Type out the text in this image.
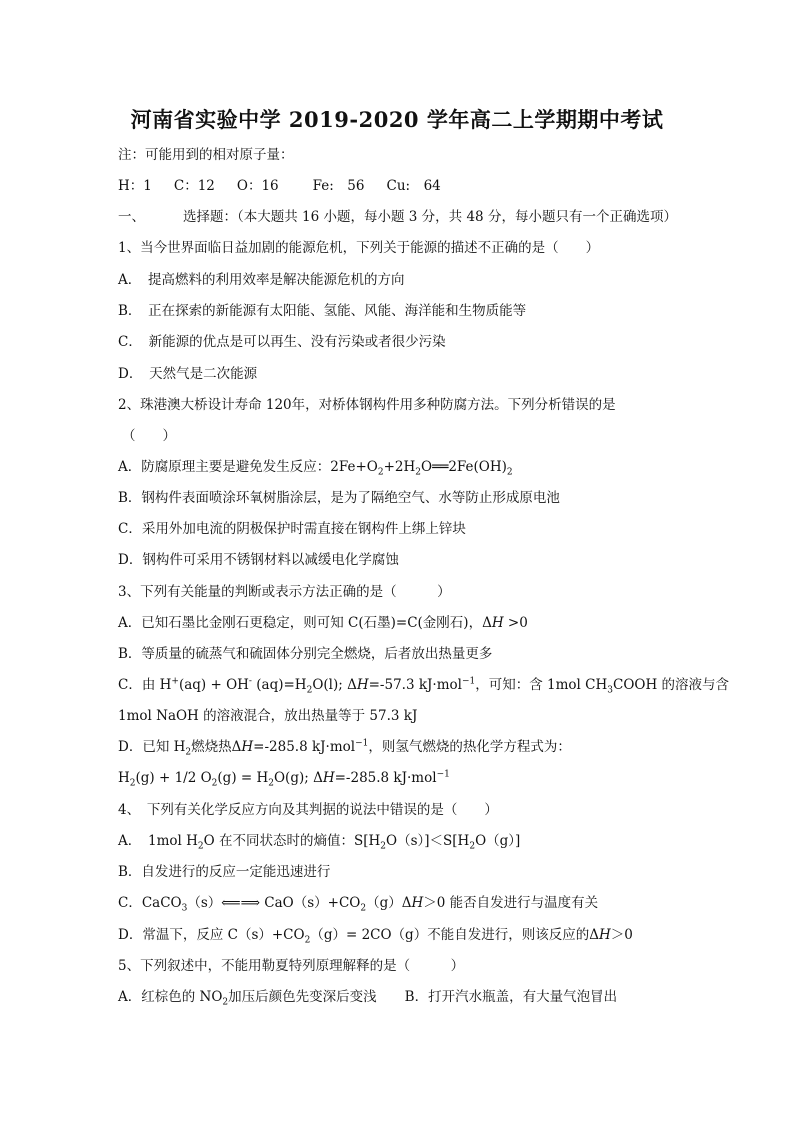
河南省实验中学 2019-2020 学年高二上学期期中考试
注：可能用到的相对原子量：
H：1 C：12 O：16	Fe:　56 Cu:　64
一、	选择题：（本大题共 16 小题，每小题 3 分，共 48 分，每小题只有一个正确选项）
1、当今世界面临日益加剧的能源危机，下列关于能源的描述不正确的是（　　）
A．　提高燃料的利用效率是解决能源危机的方向
B．　正在探索的新能源有太阳能、氢能、风能、海洋能和生物质能等
C．　新能源的优点是可以再生、没有污染或者很少污染
D．　天然气是二次能源
2、珠港澳大桥设计寿命 120年，对桥体钢构件用多种防腐方法。下列分析错误的是
（　　）
A．防腐原理主要是避免发生反应：$2Fe+O_2+2H_2O══2Fe(OH)_2$
B．钢构件表面喷涂环氧树脂涂层，是为了隔绝空气、水等防止形成原电池
C．采用外加电流的阴极保护时需直接在钢构件上绑上锌块
D．钢构件可采用不锈钢材料以减缓电化学腐蚀
3、下列有关能量的判断或表示方法正确的是（　　　）
A．已知石墨比金刚石更稳定，则可知 C(石墨)=C(金刚石)，ΔH >0
B．等质量的硫蒸气和硫固体分别完全燃烧，后者放出热量更多
C．由 H+(aq) + OH- $(aq)=H_2O(l)$; ΔH=-57.3 kJ·mol$^{-1}$，可知：含 1mol $CH_3COOH$ 的溶液与含
1mol NaOH 的溶液混合，放出热量等于 57.3 kJ
D．已知 $H_2$燃烧热ΔH=-285.8 kJ·mol$^{-1}$，则氢气燃烧的热化学方程式为：
$H_2(g) + 1/2$ $O_2(g) = H_2O(g)$; ΔH=-285.8 kJ·mol$^{-1}$
4、　下列有关化学反应方向及其判据的说法中错误的是（　　）
A．　1mol $H_2O$ 在不同状态时的熵值：$S[H_2O(s)]<S[H_2O(g)]$
B．自发进行的反应一定能迅速进行
C．CaCO$_3$（s）⟸⟹ $CaO(s)+CO_2(g)\Delta H>0$ 能否自发进行与温度有关
D．常温下，反应 $C(s)+CO_2(g)= 2CO(g)$不能自发进行，则该反应的ΔH＞0
5、下列叙述中，不能用勒夏特列原理解释的是（　　　）
A．红棕色的 $NO_2$加压后颜色先变深后变浅 B．打开汽水瓶盖，有大量气泡冒出
